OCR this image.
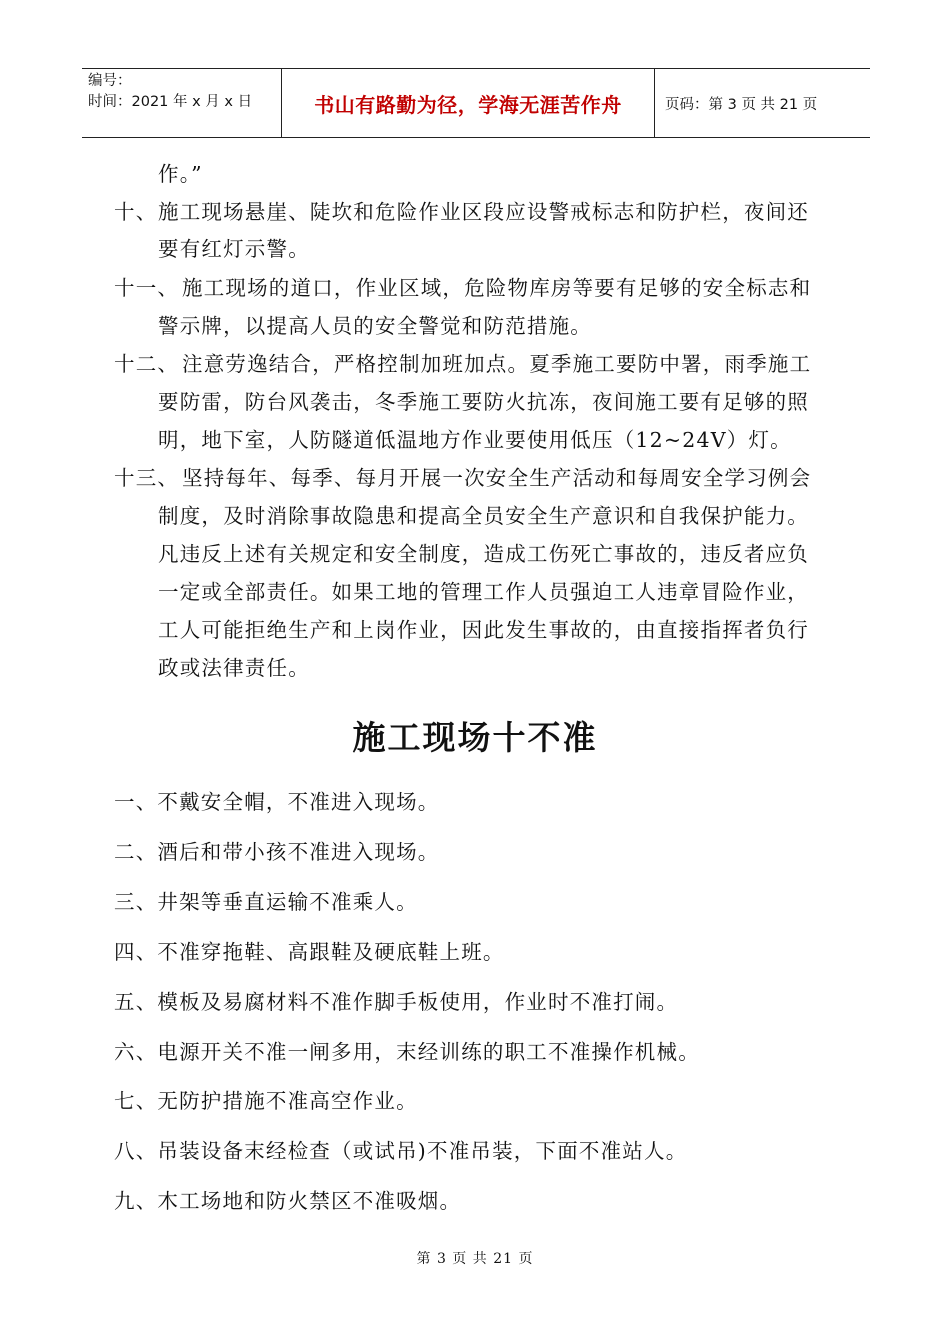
编号：
时间：2021 年 x 月 x 日	书山有路勤为径，学海无涯苦作舟	页码：第 3 页 共 21 页
作。”
十、 施工现场悬崖、陡坎和危险作业区段应设警戒标志和防护栏，夜间还
要有红灯示警。
十一、 施工现场的道口，作业区域，危险物库房等要有足够的安全标志和
警示牌，以提高人员的安全警觉和防范措施。
十二、 注意劳逸结合，严格控制加班加点。夏季施工要防中署，雨季施工
要防雷，防台风袭击，冬季施工要防火抗冻，夜间施工要有足够的照
明，地下室，人防隧道低温地方作业要使用低压（12~24V）灯。
十三、 坚持每年、每季、每月开展一次安全生产活动和每周安全学习例会
制度，及时消除事故隐患和提高全员安全生产意识和自我保护能力。
凡违反上述有关规定和安全制度，造成工伤死亡事故的，违反者应负
一定或全部责任。如果工地的管理工作人员强迫工人违章冒险作业，
工人可能拒绝生产和上岗作业，因此发生事故的，由直接指挥者负行
政或法律责任。
施工现场十不准
一、不戴安全帽，不准进入现场。
二、酒后和带小孩不准进入现场。
三、井架等垂直运输不准乘人。
四、不准穿拖鞋、高跟鞋及硬底鞋上班。
五、模板及易腐材料不准作脚手板使用，作业时不准打闹。
六、电源开关不准一闸多用，末经训练的职工不准操作机械。
七、无防护措施不准高空作业。
八、吊装设备末经检查（或试吊)不准吊装，下面不准站人。
九、木工场地和防火禁区不准吸烟。
第 3 页 共 21 页
